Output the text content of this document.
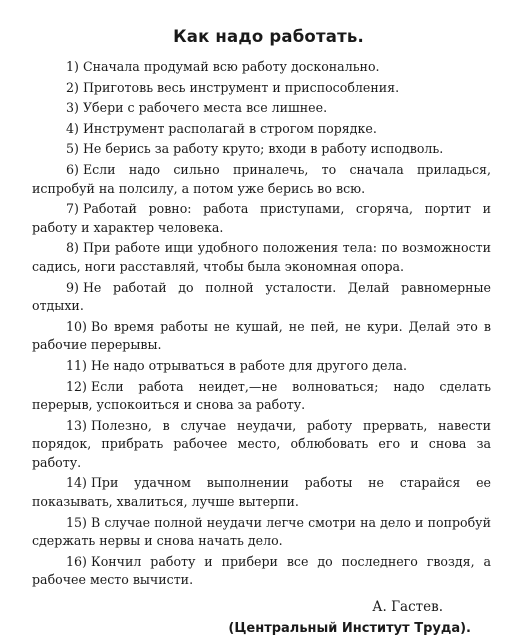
Как надо работать.
1) Сначала продумай всю работу досконально.
2) Приготовь весь инструмент и приспособления.
3) Убери с рабочего места все лишнее.
4) Инструмент располагай в строгом порядке.
5) Не берись за работу круто; входи в работу исподволь.
6) Если надо сильно приналечь, то сначала приладься, испробуй на полсилу, а потом уже берись во всю.
7) Работай ровно: работа приступами, сгоряча, портит и работу и характер человека.
8) При работе ищи удобного положения тела: по возможности садись, ноги расставляй, чтобы была экономная опора.
9) Не работай до полной усталости. Делай равномерные отдыхи.
10) Во время работы не кушай, не пей, не кури. Делай это в рабочие перерывы.
11) Не надо отрываться в работе для другого дела.
12) Если работа неидет,—не волноваться; надо сделать перерыв, успокоиться и снова за работу.
13) Полезно, в случае неудачи, работу прервать, навести порядок, прибрать рабочее место, облюбовать его и снова за работу.
14) При удачном выполнении работы не старайся ее показывать, хвалиться, лучше вытерпи.
15) В случае полной неудачи легче смотри на дело и попробуй сдержать нервы и снова начать дело.
16) Кончил работу и прибери все до последнего гвоздя, а рабочее место вычисти.
А. Гастев.
(Центральный Институт Труда).
